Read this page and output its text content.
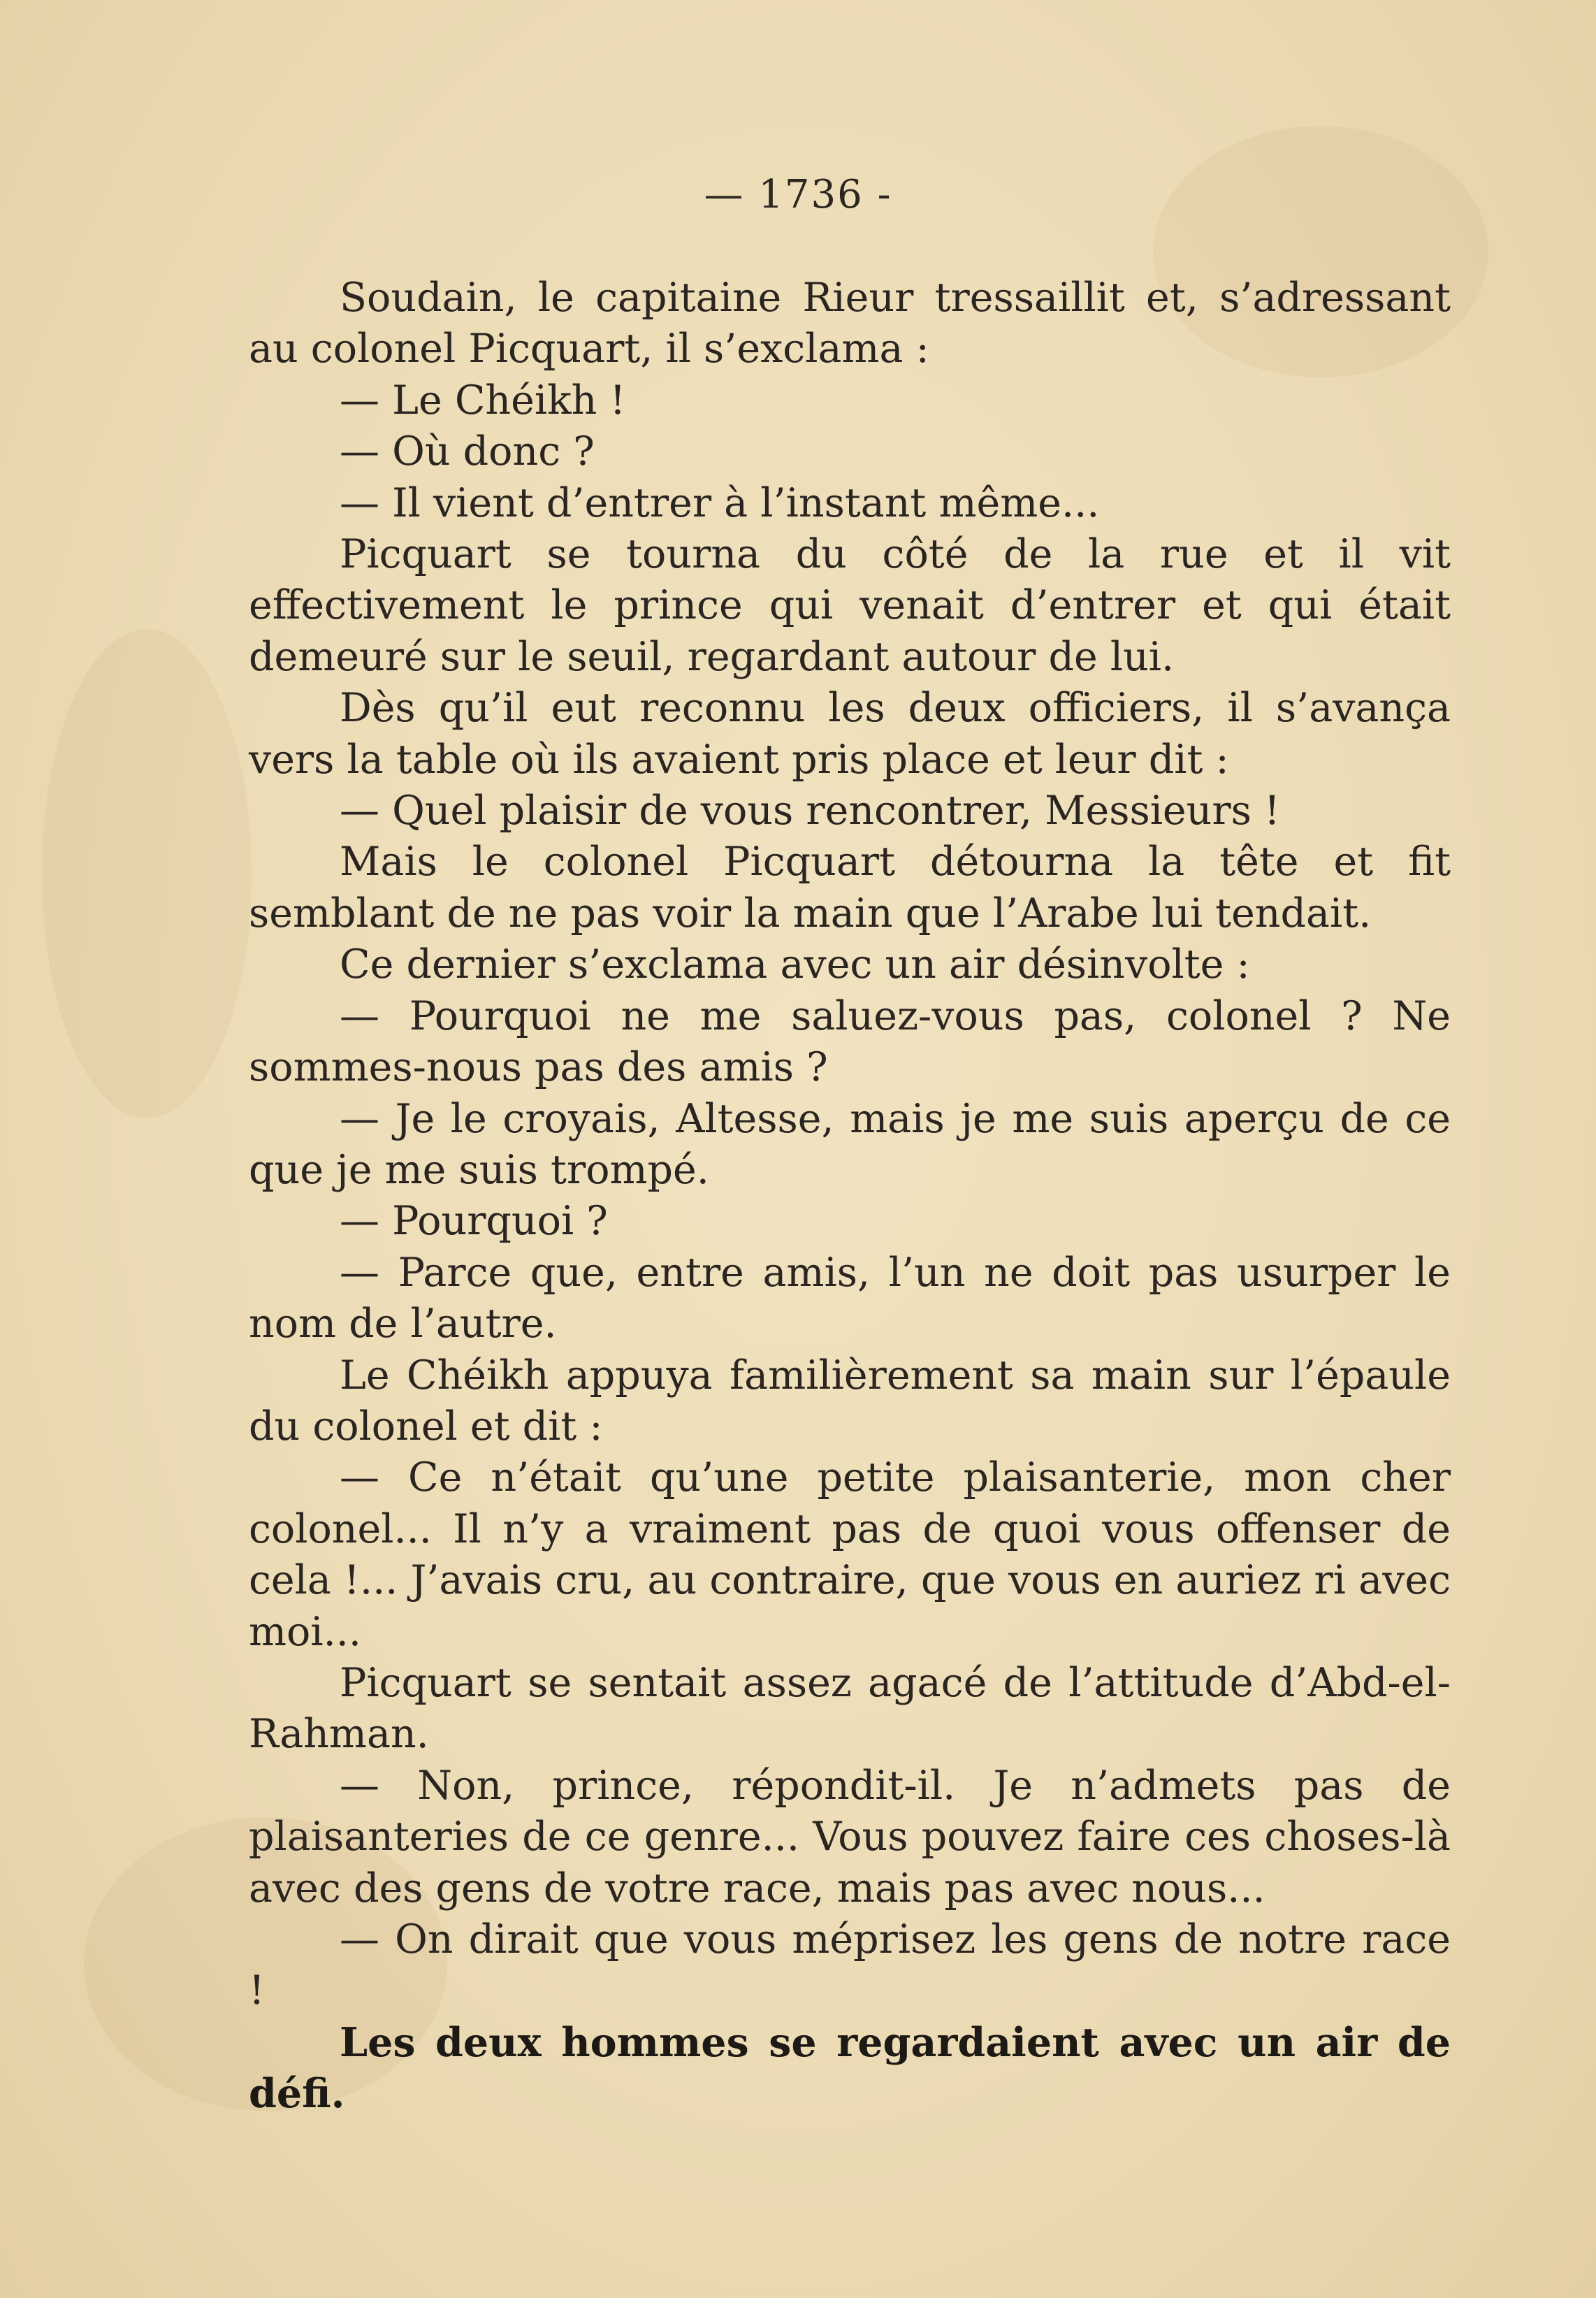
— 1736 -

Soudain, le capitaine Rieur tressaillit et, s’adressant au colonel Picquart, il s’exclama :

— Le Chéikh !

— Où donc ?

— Il vient d’entrer à l’instant même...

Picquart se tourna du côté de la rue et il vit effectivement le prince qui venait d’entrer et qui était demeuré sur le seuil, regardant autour de lui.

Dès qu’il eut reconnu les deux officiers, il s’avança vers la table où ils avaient pris place et leur dit :

— Quel plaisir de vous rencontrer, Messieurs !

Mais le colonel Picquart détourna la tête et fit semblant de ne pas voir la main que l’Arabe lui tendait.

Ce dernier s’exclama avec un air désinvolte :

— Pourquoi ne me saluez-vous pas, colonel ? Ne sommes-nous pas des amis ?

— Je le croyais, Altesse, mais je me suis aperçu de ce que je me suis trompé.

— Pourquoi ?

— Parce que, entre amis, l’un ne doit pas usurper le nom de l’autre.

Le Chéikh appuya familièrement sa main sur l’épaule du colonel et dit :

— Ce n’était qu’une petite plaisanterie, mon cher colonel... Il n’y a vraiment pas de quoi vous offenser de cela !... J’avais cru, au contraire, que vous en auriez ri avec moi...

Picquart se sentait assez agacé de l’attitude d’Abd-el-Rahman.

— Non, prince, répondit-il. Je n’admets pas de plaisanteries de ce genre... Vous pouvez faire ces choses-là avec des gens de votre race, mais pas avec nous...

— On dirait que vous méprisez les gens de notre race !

Les deux hommes se regardaient avec un air de défi.
